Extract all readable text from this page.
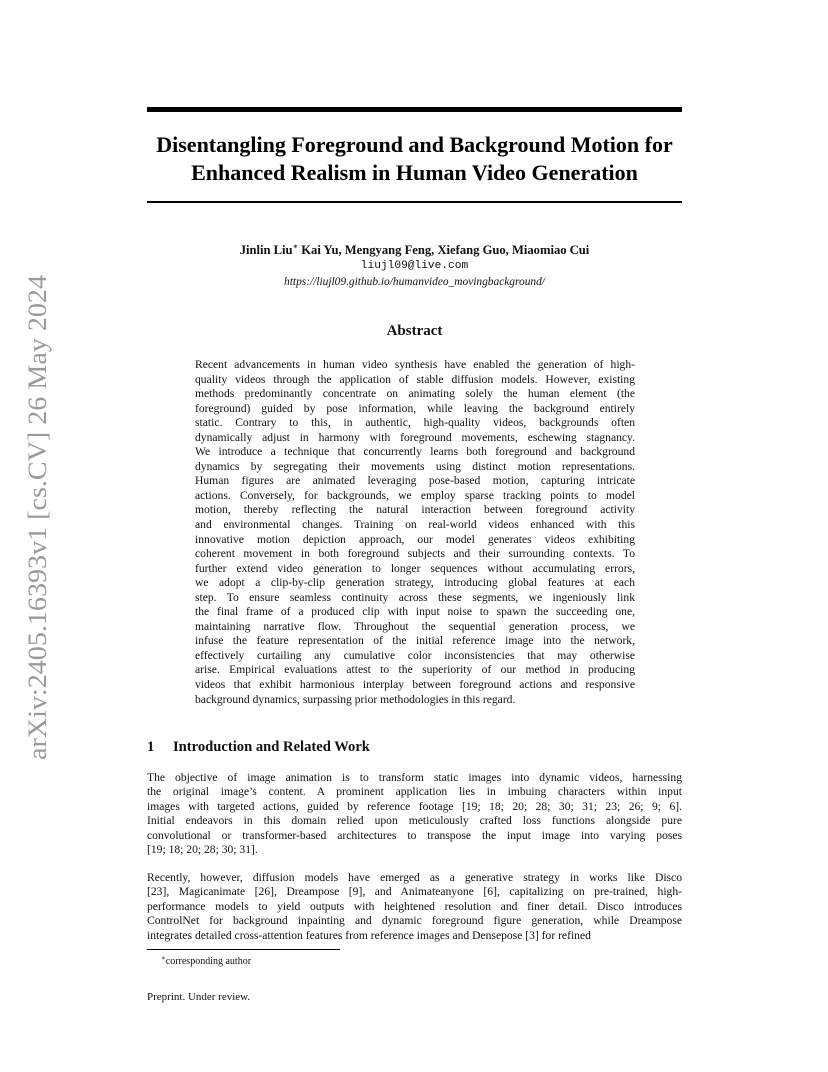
arXiv:2405.16393v1 [cs.CV] 26 May 2024
Disentangling Foreground and Background Motion for
Enhanced Realism in Human Video Generation
Jinlin Liu∗ Kai Yu, Mengyang Feng, Xiefang Guo, Miaomiao Cui
liujl09@live.com
https://liujl09.github.io/humanvideo_movingbackground/
Abstract
Recent advancements in human video synthesis have enabled the generation of high-
quality videos through the application of stable diffusion models. However, existing
methods predominantly concentrate on animating solely the human element (the
foreground) guided by pose information, while leaving the background entirely
static. Contrary to this, in authentic, high-quality videos, backgrounds often
dynamically adjust in harmony with foreground movements, eschewing stagnancy.
We introduce a technique that concurrently learns both foreground and background
dynamics by segregating their movements using distinct motion representations.
Human figures are animated leveraging pose-based motion, capturing intricate
actions. Conversely, for backgrounds, we employ sparse tracking points to model
motion, thereby reflecting the natural interaction between foreground activity
and environmental changes. Training on real-world videos enhanced with this
innovative motion depiction approach, our model generates videos exhibiting
coherent movement in both foreground subjects and their surrounding contexts. To
further extend video generation to longer sequences without accumulating errors,
we adopt a clip-by-clip generation strategy, introducing global features at each
step. To ensure seamless continuity across these segments, we ingeniously link
the final frame of a produced clip with input noise to spawn the succeeding one,
maintaining narrative flow. Throughout the sequential generation process, we
infuse the feature representation of the initial reference image into the network,
effectively curtailing any cumulative color inconsistencies that may otherwise
arise. Empirical evaluations attest to the superiority of our method in producing
videos that exhibit harmonious interplay between foreground actions and responsive
background dynamics, surpassing prior methodologies in this regard.
1 Introduction and Related Work
The objective of image animation is to transform static images into dynamic videos, harnessing
the original image’s content. A prominent application lies in imbuing characters within input
images with targeted actions, guided by reference footage [19; 18; 20; 28; 30; 31; 23; 26; 9; 6].
Initial endeavors in this domain relied upon meticulously crafted loss functions alongside pure
convolutional or transformer-based architectures to transpose the input image into varying poses
[19; 18; 20; 28; 30; 31].
Recently, however, diffusion models have emerged as a generative strategy in works like Disco
[23], Magicanimate [26], Dreampose [9], and Animateanyone [6], capitalizing on pre-trained, high-
performance models to yield outputs with heightened resolution and finer detail. Disco introduces
ControlNet for background inpainting and dynamic foreground figure generation, while Dreampose
integrates detailed cross-attention features from reference images and Densepose [3] for refined
∗corresponding author
Preprint. Under review.
